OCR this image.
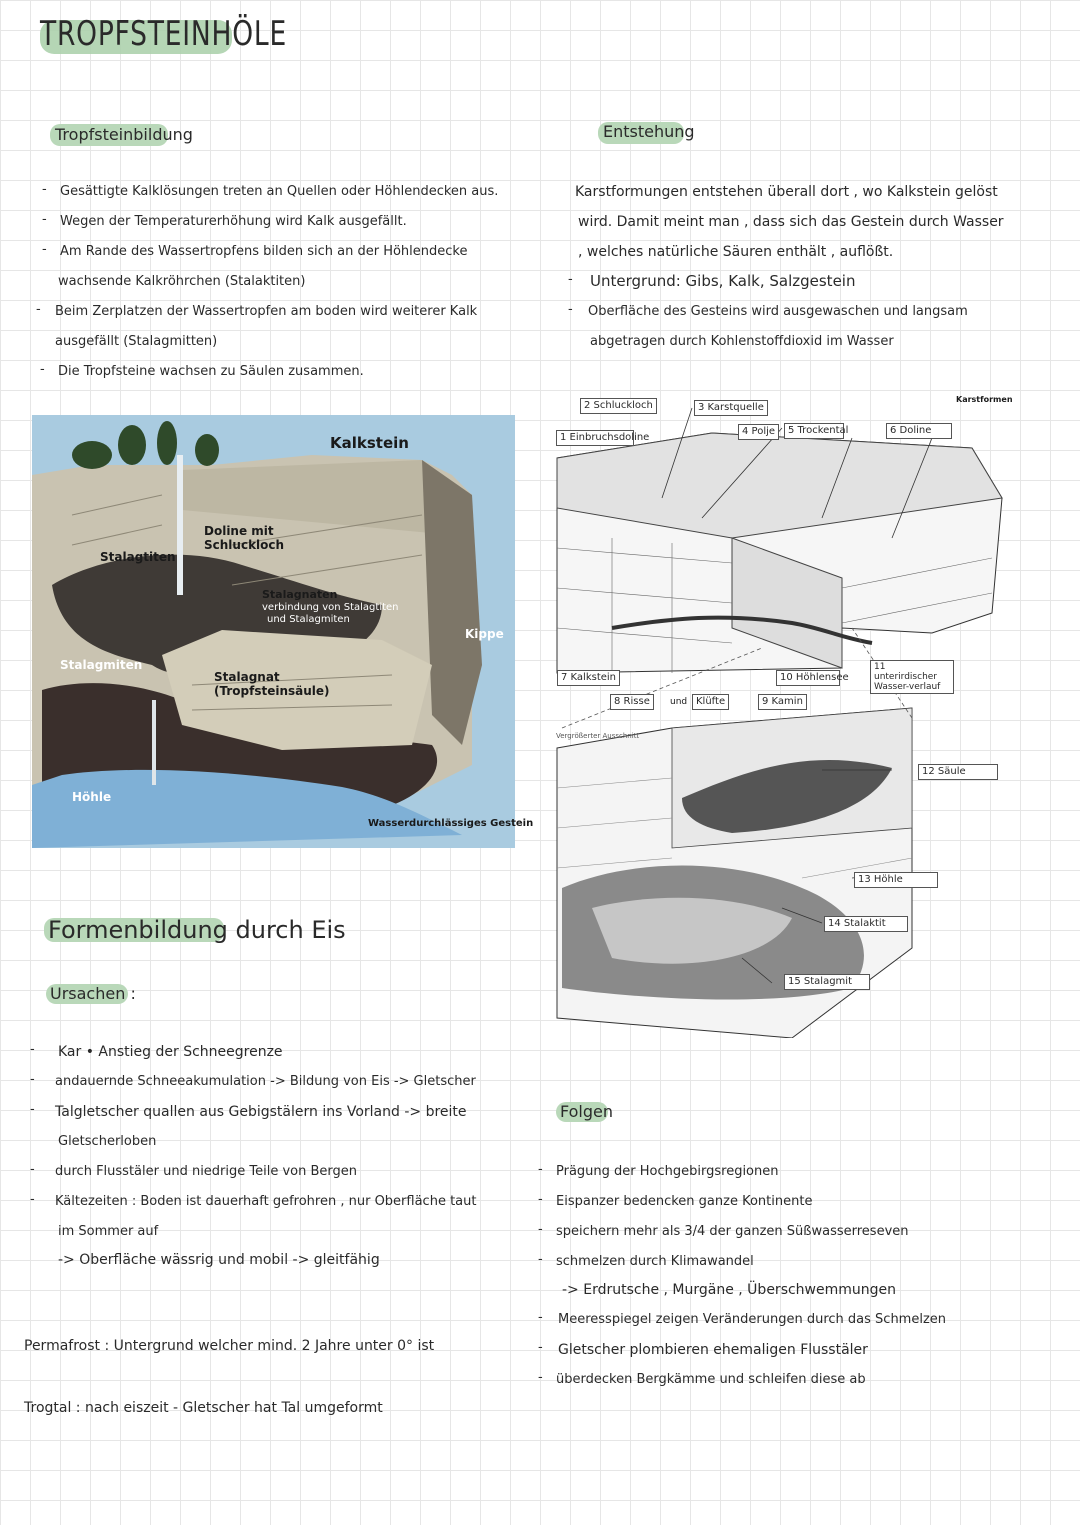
TROPFSTEINHÖLE
Tropfsteinbildung
- Gesättigte Kalklösungen treten an Quellen oder Höhlendecken aus.
- Wegen der Temperaturerhöhung wird Kalk ausgefällt.
- Am Rande des Wassertropfens bilden sich an der Höhlendecke
wachsende Kalkröhrchen (Stalaktiten)
- Beim Zerplatzen der Wassertropfen am boden wird weiterer Kalk
ausgefällt (Stalagmitten)
- Die Tropfsteine wachsen zu Säulen zusammen.
Entstehung
Karstformungen entstehen überall dort , wo Kalkstein gelöst
wird. Damit meint man , dass sich das Gestein durch Wasser
, welches natürliche Säuren enthält , auflößt.
- Untergrund: Gibs, Kalk, Salzgestein
- Oberfläche des Gesteins wird ausgewaschen und langsam
abgetragen durch Kohlenstoffdioxid im Wasser
Kalkstein
Doline mit
Schluckloch
Stalagtiten
Stalagnaten
verbindung von Stalagtiten
und Stalagmiten
Kippe
Stalagmiten
Stalagnat
(Tropfsteinsäule)
Höhle
Wasserdurchlässiges Gestein
Karstformen
2 Schluckloch	3 Karstquelle
4 Polje	5 Trockental	6 Doline
1 Einbruchsdoline
7 Kalkstein
8 Risse	und Klüfte	9 Kamin
10 Höhlensee
11 unterirdischer Wasser-verlauf
Vergrößerter Ausschnitt
12 Säule
13 Höhle
14 Stalaktit
15 Stalagmit
Formenbildung durch Eis
Ursachen :
- Kar • Anstieg der Schneegrenze
- andauernde Schneeakumulation -> Bildung von Eis -> Gletscher
- Talgletscher quallen aus Gebigstälern ins Vorland -> breite
Gletscherloben
- durch Flusstäler und niedrige Teile von Bergen
- Kältezeiten : Boden ist dauerhaft gefrohren , nur Oberfläche taut
im Sommer auf
-> Oberfläche wässrig und mobil -> gleitfähig
Permafrost : Untergrund welcher mind. 2 Jahre unter 0° ist
Trogtal : nach eiszeit - Gletscher hat Tal umgeformt
Folgen
- Prägung der Hochgebirgsregionen
- Eispanzer bedencken ganze Kontinente
- speichern mehr als 3/4 der ganzen Süßwasserreseven
- schmelzen durch Klimawandel
-> Erdrutsche , Murgäne , Überschwemmungen
- Meeresspiegel zeigen Veränderungen durch das Schmelzen
- Gletscher plombieren ehemaligen Flusstäler
- überdecken Bergkämme und schleifen diese ab
